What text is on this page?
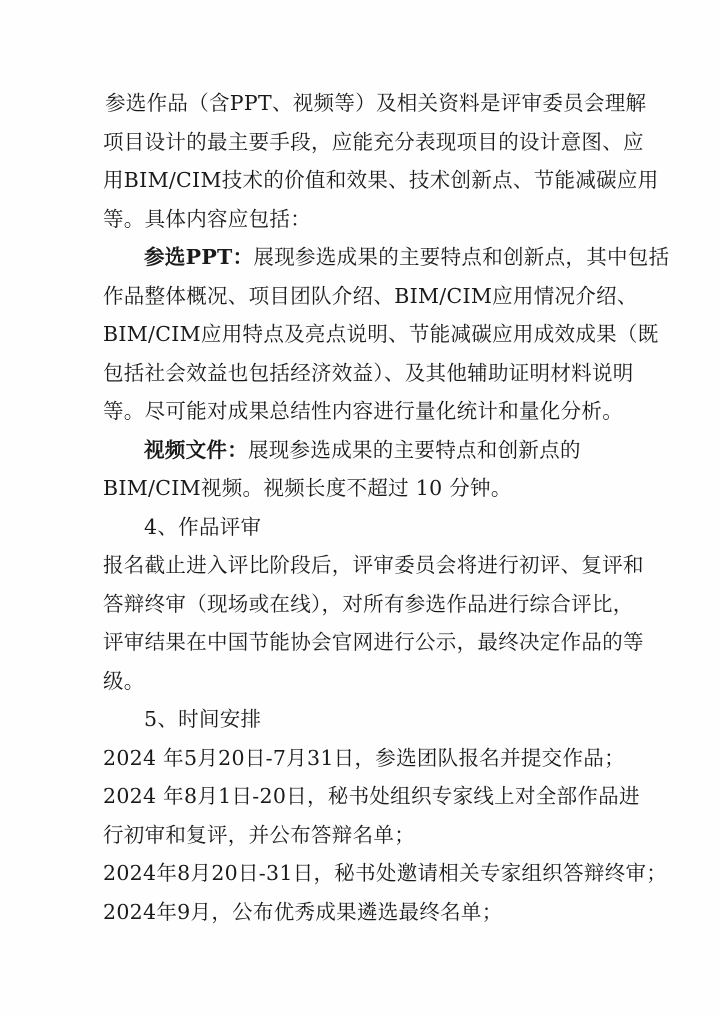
参选作品（含PPT、视频等）及相关资料是评审委员会理解
项目设计的最主要手段，应能充分表现项目的设计意图、应
用BIM/CIM技术的价值和效果、技术创新点、节能减碳应用
等。具体内容应包括：
参选PPT：展现参选成果的主要特点和创新点，其中包括
作品整体概况、项目团队介绍、BIM/CIM应用情况介绍、
BIM/CIM应用特点及亮点说明、节能减碳应用成效成果（既
包括社会效益也包括经济效益）、及其他辅助证明材料说明
等。尽可能对成果总结性内容进行量化统计和量化分析。
视频文件：展现参选成果的主要特点和创新点的
BIM/CIM视频。视频长度不超过 10 分钟。
4、作品评审
报名截止进入评比阶段后，评审委员会将进行初评、复评和
答辩终审（现场或在线），对所有参选作品进行综合评比，
评审结果在中国节能协会官网进行公示，最终决定作品的等
级。
5、时间安排
2024 年5月20日-7月31日，参选团队报名并提交作品；
2024 年8月1日-20日，秘书处组织专家线上对全部作品进
行初审和复评，并公布答辩名单；
2024年8月20日-31日，秘书处邀请相关专家组织答辩终审；
2024年9月，公布优秀成果遴选最终名单；
